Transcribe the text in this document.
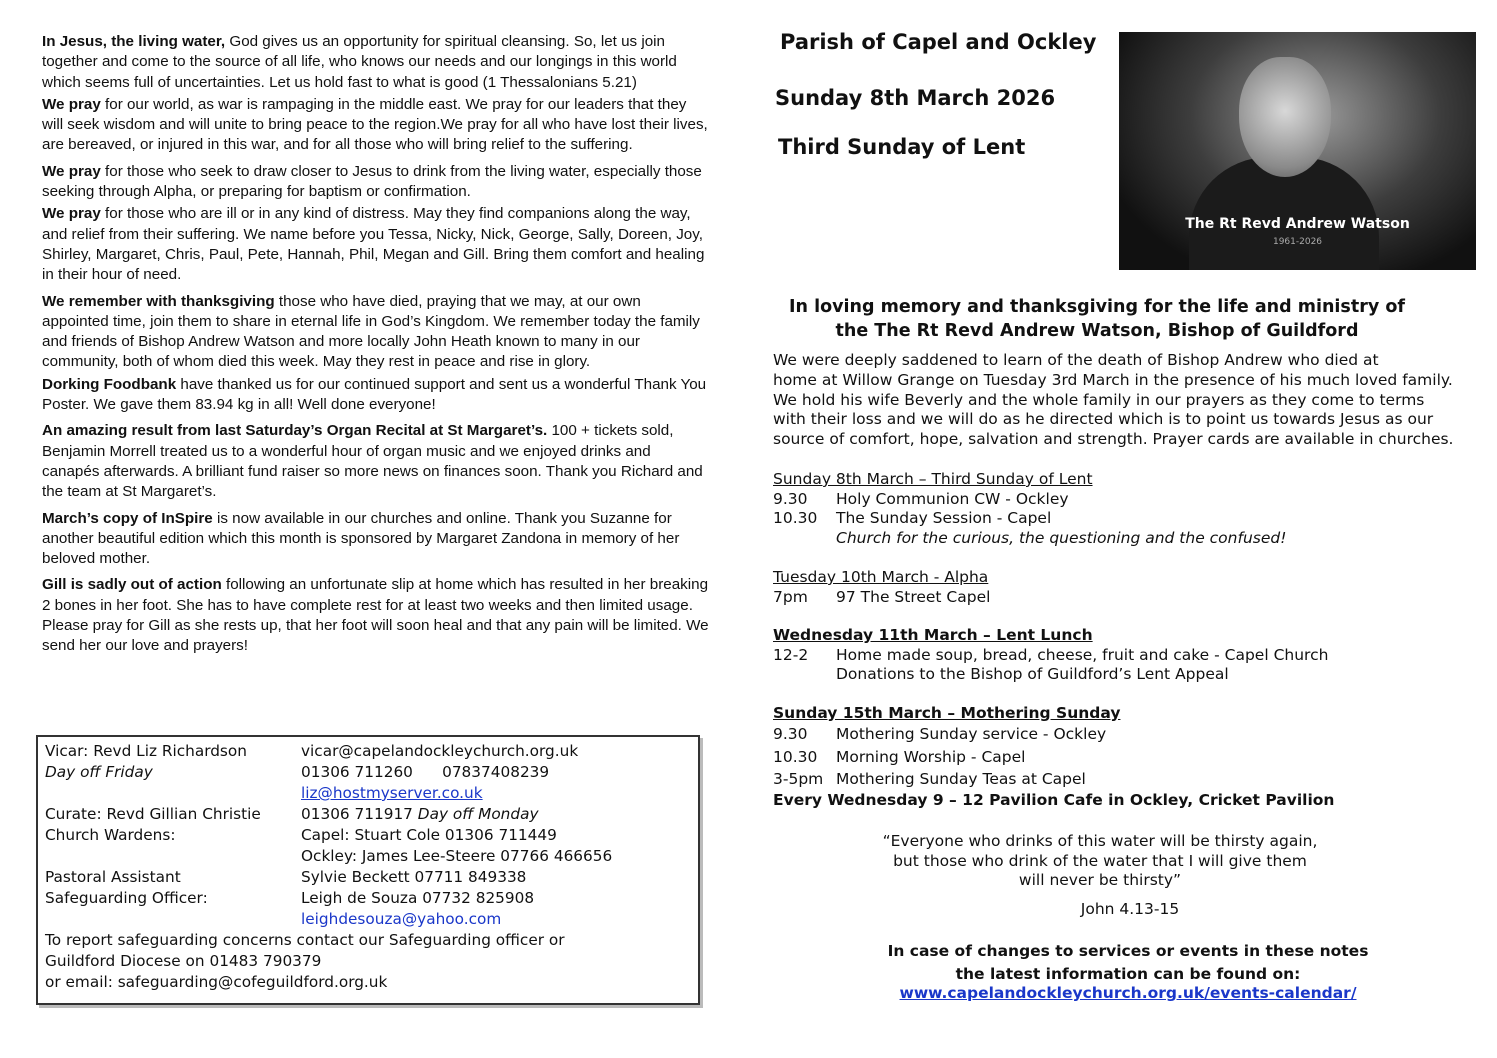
In Jesus, the living water, God gives us an opportunity for spiritual cleansing. So, let us join together and come to the source of all life, who knows our needs and our longings in this world which seems full of uncertainties. Let us hold fast to what is good (1 Thessalonians 5.21)

We pray for our world, as war is rampaging in the middle east. We pray for our leaders that they will seek wisdom and will unite to bring peace to the region.We pray for all who have lost their lives, are bereaved, or injured in this war, and for all those who will bring relief to the suffering.

We pray for those who seek to draw closer to Jesus to drink from the living water, especially those seeking through Alpha, or preparing for baptism or confirmation.

We pray for those who are ill or in any kind of distress. May they find companions along the way, and relief from their suffering. We name before you Tessa, Nicky, Nick, George, Sally, Doreen, Joy, Shirley, Margaret, Chris, Paul, Pete, Hannah, Phil, Megan and Gill. Bring them comfort and healing in their hour of need.

We remember with thanksgiving those who have died, praying that we may, at our own appointed time, join them to share in eternal life in God’s Kingdom. We remember today the family and friends of Bishop Andrew Watson and more locally John Heath known to many in our community, both of whom died this week. May they rest in peace and rise in glory.

Dorking Foodbank have thanked us for our continued support and sent us a wonderful Thank You Poster. We gave them 83.94 kg in all! Well done everyone!

An amazing result from last Saturday’s Organ Recital at St Margaret’s. 100 + tickets sold, Benjamin Morrell treated us to a wonderful hour of organ music and we enjoyed drinks and canapés afterwards. A brilliant fund raiser so more news on finances soon. Thank you Richard and the team at St Margaret’s.

March’s copy of InSpire is now available in our churches and online. Thank you Suzanne for another beautiful edition which this month is sponsored by Margaret Zandona in memory of her beloved mother.

Gill is sadly out of action following an unfortunate slip at home which has resulted in her breaking 2 bones in her foot. She has to have complete rest for at least two weeks and then limited usage. Please pray for Gill as she rests up, that her foot will soon heal and that any pain will be limited. We send her our love and prayers!

Vicar: Revd Liz Richardson	vicar@capelandockleychurch.org.uk
Day off Friday	01306 711260      07837408239
liz@hostmyserver.co.uk
Curate: Revd Gillian Christie	01306 711917 Day off Monday
Church Wardens:	Capel: Stuart Cole 01306 711449
Ockley: James Lee-Steere 07766 466656
Pastoral Assistant	Sylvie Beckett 07711 849338
Safeguarding Officer:	Leigh de Souza 07732 825908
leighdesouza@yahoo.com
To report safeguarding concerns contact our Safeguarding officer or
Guildford Diocese on 01483 790379
or email: safeguarding@cofeguildford.org.uk
Parish of Capel and Ockley
Sunday 8th March 2026
Third Sunday of Lent
The Rt Revd Andrew Watson
1961-2026
In loving memory and thanksgiving for the life and ministry of
the The Rt Revd Andrew Watson, Bishop of Guildford
We were deeply saddened to learn of the death of Bishop Andrew who died at
home at Willow Grange on Tuesday 3rd March in the presence of his much loved family.
We hold his wife Beverly and the whole family in our prayers as they come to terms
with their loss and we will do as he directed which is to point us towards Jesus as our
source of comfort, hope, salvation and strength. Prayer cards are available in churches.
Sunday 8th March – Third Sunday of Lent
9.30	Holy Communion CW - Ockley
10.30	The Sunday Session - Capel
Church for the curious, the questioning and the confused!
Tuesday 10th March - Alpha
7pm	97 The Street Capel
Wednesday 11th March – Lent Lunch
12-2	Home made soup, bread, cheese, fruit and cake - Capel Church
Donations to the Bishop of Guildford’s Lent Appeal
Sunday 15th March – Mothering Sunday
9.30	Mothering Sunday service - Ockley
10.30	Morning Worship - Capel
3-5pm Mothering Sunday Teas at Capel
Every Wednesday 9 – 12 Pavilion Cafe in Ockley, Cricket Pavilion
“Everyone who drinks of this water will be thirsty again,
but those who drink of the water that I will give them
will never be thirsty”
John 4.13-15
In case of changes to services or events in these notes
the latest information can be found on:
www.capelandockleychurch.org.uk/events-calendar/
